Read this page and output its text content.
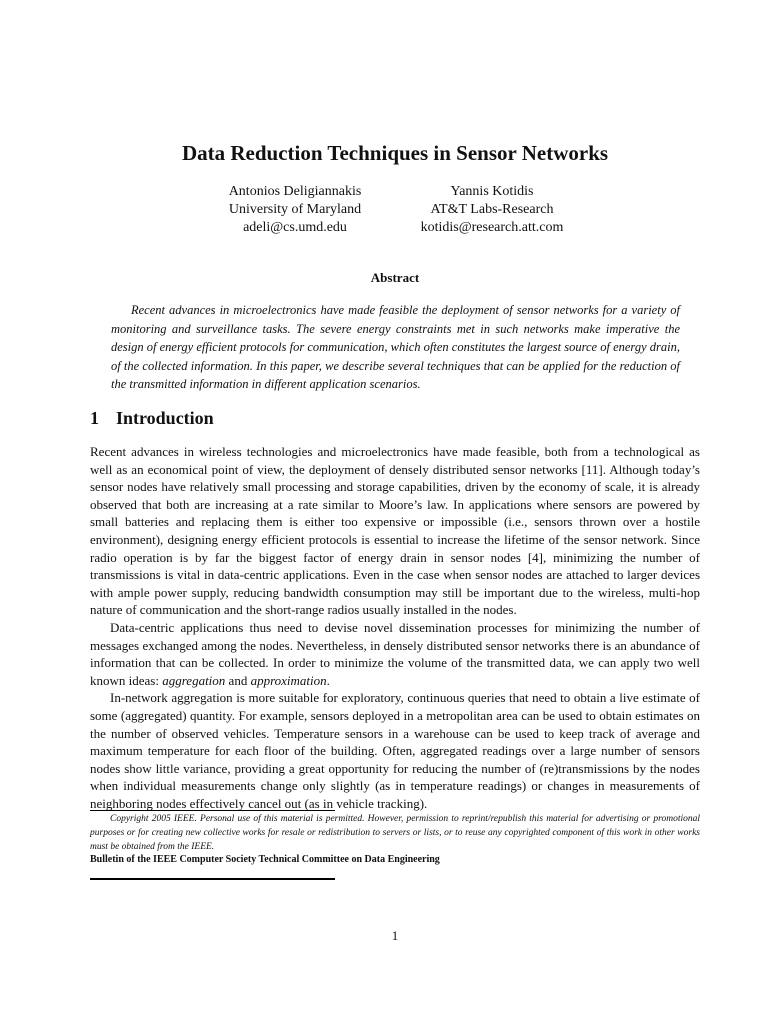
Data Reduction Techniques in Sensor Networks
Antonios Deligiannakis
University of Maryland
adeli@cs.umd.edu
Yannis Kotidis
AT&T Labs-Research
kotidis@research.att.com
Abstract
Recent advances in microelectronics have made feasible the deployment of sensor networks for a variety of monitoring and surveillance tasks. The severe energy constraints met in such networks make imperative the design of energy efficient protocols for communication, which often constitutes the largest source of energy drain, of the collected information. In this paper, we describe several techniques that can be applied for the reduction of the transmitted information in different application scenarios.
1 Introduction

Recent advances in wireless technologies and microelectronics have made feasible, both from a technological as well as an economical point of view, the deployment of densely distributed sensor networks [11]. Although today’s sensor nodes have relatively small processing and storage capabilities, driven by the economy of scale, it is already observed that both are increasing at a rate similar to Moore’s law. In applications where sensors are powered by small batteries and replacing them is either too expensive or impossible (i.e., sensors thrown over a hostile environment), designing energy efficient protocols is essential to increase the lifetime of the sensor network. Since radio operation is by far the biggest factor of energy drain in sensor nodes [4], minimizing the number of transmissions is vital in data-centric applications. Even in the case when sensor nodes are attached to larger devices with ample power supply, reducing bandwidth consumption may still be important due to the wireless, multi-hop nature of communication and the short-range radios usually installed in the nodes.

Data-centric applications thus need to devise novel dissemination processes for minimizing the number of messages exchanged among the nodes. Nevertheless, in densely distributed sensor networks there is an abundance of information that can be collected. In order to minimize the volume of the transmitted data, we can apply two well known ideas: aggregation and approximation.

In-network aggregation is more suitable for exploratory, continuous queries that need to obtain a live estimate of some (aggregated) quantity. For example, sensors deployed in a metropolitan area can be used to obtain estimates on the number of observed vehicles. Temperature sensors in a warehouse can be used to keep track of average and maximum temperature for each floor of the building. Often, aggregated readings over a large number of sensors nodes show little variance, providing a great opportunity for reducing the number of (re)transmissions by the nodes when individual measurements change only slightly (as in temperature readings) or changes in measurements of neighboring nodes effectively cancel out (as in vehicle tracking).

Copyright 2005 IEEE. Personal use of this material is permitted. However, permission to reprint/republish this material for advertising or promotional purposes or for creating new collective works for resale or redistribution to servers or lists, or to reuse any copyrighted component of this work in other works must be obtained from the IEEE.
Bulletin of the IEEE Computer Society Technical Committee on Data Engineering
1
